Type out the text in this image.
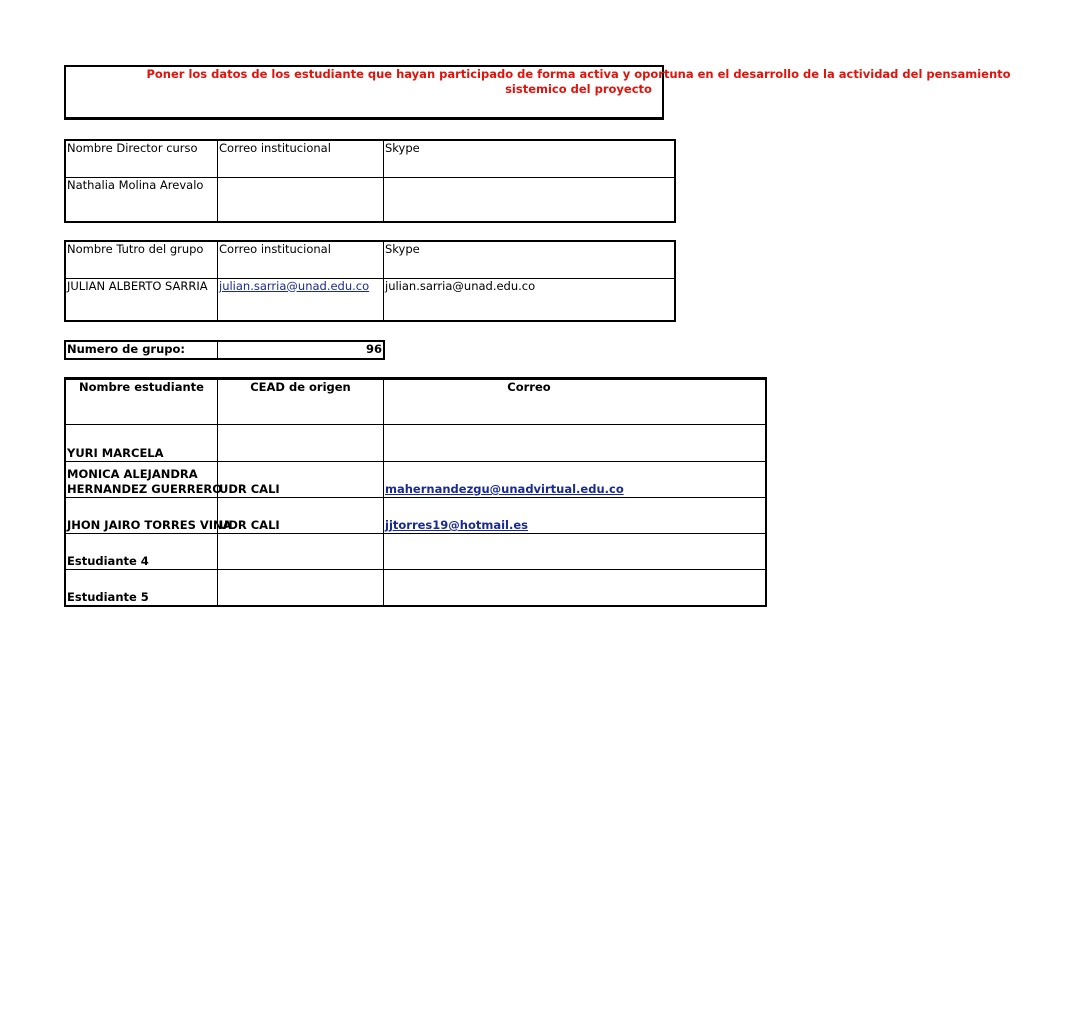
Poner los datos de los estudiante que hayan participado de forma activa y oportuna en el desarrollo de la actividad del pensamiento
sistemico del proyecto
Nombre Director curso	Correo institucional	Skype
Nathalia Molina Arevalo		
Nombre Tutro del grupo	Correo institucional	Skype
JULIAN ALBERTO SARRIA	julian.sarria@unad.edu.co	julian.sarria@unad.edu.co
Numero de grupo:	96
Nombre estudiante	CEAD de origen	Correo
YURI MARCELA		

MONICA ALEJANDRA
HERNANDEZ GUERRERO	UDR CALI	mahernandezgu@unadvirtual.edu.co
JHON JAIRO TORRES VINA	UDR CALI	jjtorres19@hotmail.es
Estudiante 4		
Estudiante 5		
